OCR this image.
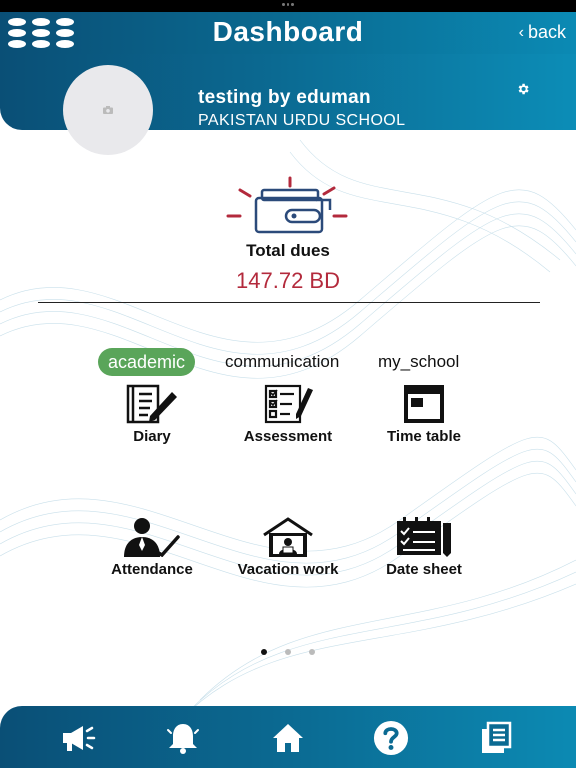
Dashboard	‹ back
testing by eduman
PAKISTAN URDU SCHOOL
Total dues
147.72 BD
academic	communication my_school
Diary	Assessment	Time table
Attendance	Vacation work	Date sheet
